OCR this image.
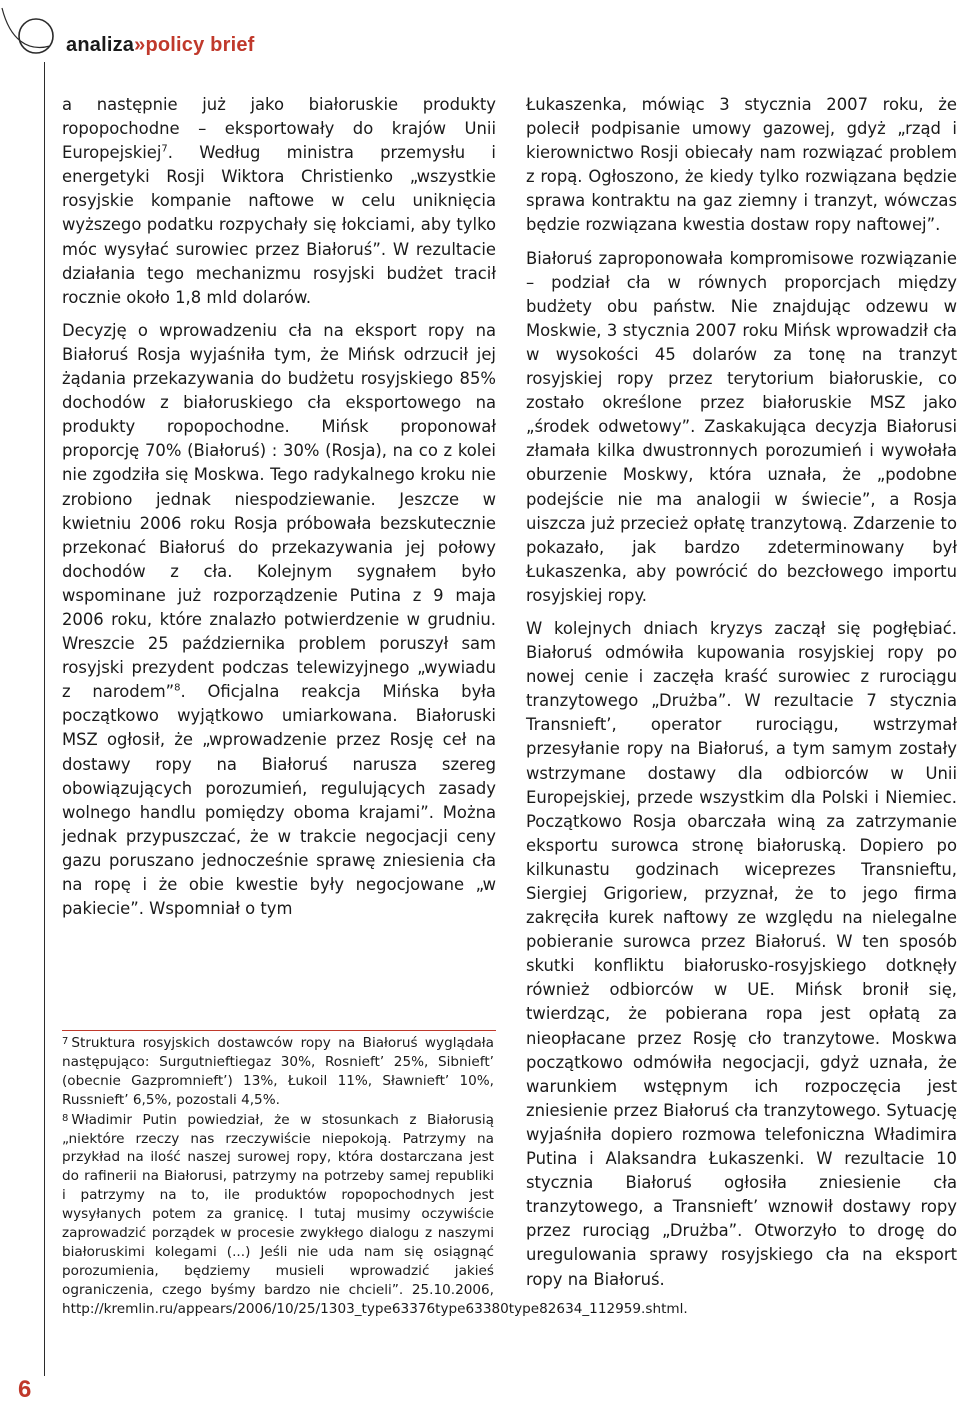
analiza»policy brief
6

a następnie już jako białoruskie produkty ropopochodne – eksportowały do krajów Unii Europejskiej$^7$. Według ministra przemysłu i energetyki Rosji Wiktora Christienko „wszystkie rosyjskie kompanie naftowe w celu uniknięcia wyższego podatku rozpychały się łokciami, aby tylko móc wysyłać surowiec przez Białoruś”. W rezultacie działania tego mechanizmu rosyjski budżet tracił rocznie około 1,8 mld dolarów.

Decyzję o wprowadzeniu cła na eksport ropy na Białoruś Rosja wyjaśniła tym, że Mińsk odrzucił jej żądania przekazywania do budżetu rosyjskiego 85% dochodów z białoruskiego cła eksportowego na produkty ropopochodne. Mińsk proponował proporcję 70% (Białoruś) : 30% (Rosja), na co z kolei nie zgodziła się Moskwa. Tego radykalnego kroku nie zrobiono jednak niespodziewanie. Jeszcze w kwietniu 2006 roku Rosja próbowała bezskutecznie przekonać Białoruś do przekazywania jej połowy dochodów z cła. Kolejnym sygnałem było wspominane już rozporządzenie Putina z 9 maja 2006 roku, które znalazło potwierdzenie w grudniu. Wreszcie 25 października problem poruszył sam rosyjski prezydent podczas telewizyjnego „wywiadu z narodem”$^8$. Oficjalna reakcja Mińska była początkowo wyjątkowo umiarkowana. Białoruski MSZ ogłosił, że „wprowadzenie przez Rosję ceł na dostawy ropy na Białoruś narusza szereg obowiązujących porozumień, regulujących zasady wolnego handlu pomiędzy oboma krajami”. Można jednak przypuszczać, że w trakcie negocjacji ceny gazu poruszano jednocześnie sprawę zniesienia cła na ropę i że obie kwestie były negocjowane „w pakiecie”. Wspomniał o tym

$^7$ Struktura rosyjskich dostawców ropy na Białoruś wyglądała następująco: Surgutnieftiegaz 30%, Rosnieft’ 25%, Sibnieft’ (obecnie Gazpromnieft’) 13%, Łukoil 11%, Sławnieft’ 10%, Russnieft’ 6,5%, pozostali 4,5%.

$^8$ Władimir Putin powiedział, że w stosunkach z Białorusią „niektóre rzeczy nas rzeczywiście niepokoją. Patrzymy na przykład na ilość naszej surowej ropy, która dostarczana jest do rafinerii na Białorusi, patrzymy na potrzeby samej republiki i patrzymy na to, ile produktów ropopochodnych jest wysyłanych potem za granicę. I tutaj musimy oczywiście zaprowadzić porządek w procesie zwykłego dialogu z naszymi białoruskimi kolegami (...) Jeśli nie uda nam się osiągnąć porozumienia, będziemy musieli wprowadzić jakieś ograniczenia, czego byśmy bardzo nie chcieli”. 25.10.2006, http://kremlin.ru/appears/2006/10/25/1303_type63376type63380type82634_112959.shtml.

Łukaszenka, mówiąc 3 stycznia 2007 roku, że polecił podpisanie umowy gazowej, gdyż „rząd i kierownictwo Rosji obiecały nam rozwiązać problem z ropą. Ogłoszono, że kiedy tylko rozwiązana będzie sprawa kontraktu na gaz ziemny i tranzyt, wówczas będzie rozwiązana kwestia dostaw ropy naftowej”.

Białoruś zaproponowała kompromisowe rozwiązanie – podział cła w równych proporcjach między budżety obu państw. Nie znajdując odzewu w Moskwie, 3 stycznia 2007 roku Mińsk wprowadził cła w wysokości 45 dolarów za tonę na tranzyt rosyjskiej ropy przez terytorium białoruskie, co zostało określone przez białoruskie MSZ jako „środek odwetowy”. Zaskakująca decyzja Białorusi złamała kilka dwustronnych porozumień i wywołała oburzenie Moskwy, która uznała, że „podobne podejście nie ma analogii w świecie”, a Rosja uiszcza już przecież opłatę tranzytową. Zdarzenie to pokazało, jak bardzo zdeterminowany był Łukaszenka, aby powrócić do bezcłowego importu rosyjskiej ropy.

W kolejnych dniach kryzys zaczął się pogłębiać. Białoruś odmówiła kupowania rosyjskiej ropy po nowej cenie i zaczęła kraść surowiec z rurociągu tranzytowego „Drużba”. W rezultacie 7 stycznia Transnieft’, operator rurociągu, wstrzymał przesyłanie ropy na Białoruś, a tym samym zostały wstrzymane dostawy dla odbiorców w Unii Europejskiej, przede wszystkim dla Polski i Niemiec. Początkowo Rosja obarczała winą za zatrzymanie eksportu surowca stronę białoruską. Dopiero po kilkunastu godzinach wiceprezes Transnieftu, Siergiej Grigoriew, przyznał, że to jego firma zakręciła kurek naftowy ze względu na nielegalne pobieranie surowca przez Białoruś. W ten sposób skutki konfliktu białorusko-rosyjskiego dotknęły również odbiorców w UE. Mińsk bronił się, twierdząc, że pobierana ropa jest opłatą za nieopłacane przez Rosję cło tranzytowe. Moskwa początkowo odmówiła negocjacji, gdyż uznała, że warunkiem wstępnym ich rozpoczęcia jest zniesienie przez Białoruś cła tranzytowego. Sytuację wyjaśniła dopiero rozmowa telefoniczna Władimira Putina i Alaksandra Łukaszenki. W rezultacie 10 stycznia Białoruś ogłosiła zniesienie cła tranzytowego, a Transnieft’ wznowił dostawy ropy przez rurociąg „Drużba”. Otworzyło to drogę do uregulowania sprawy rosyjskiego cła na eksport ropy na Białoruś.
